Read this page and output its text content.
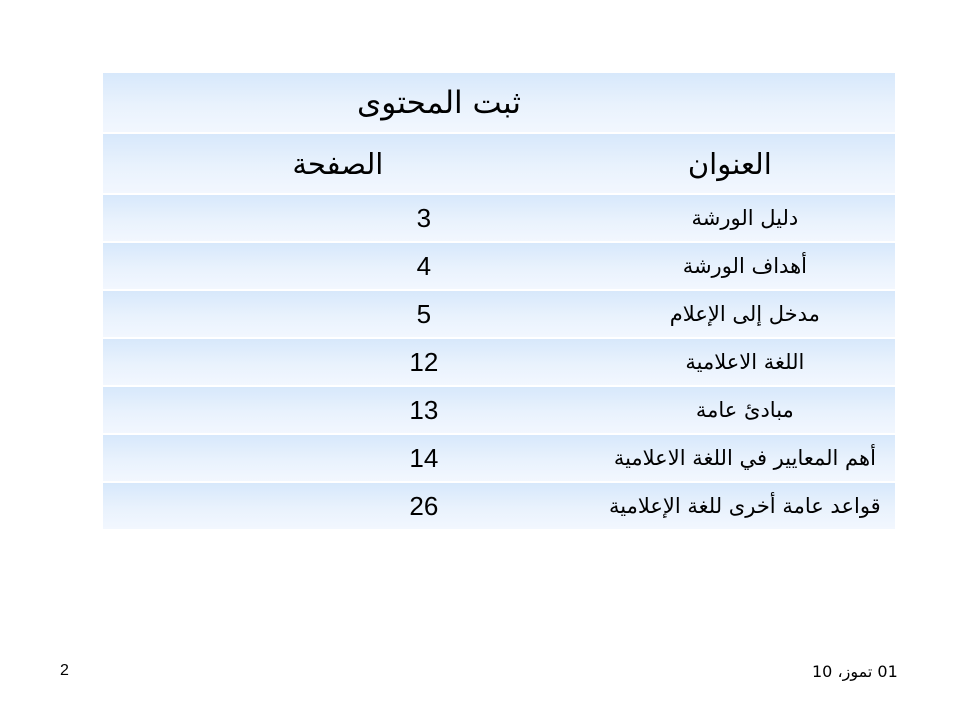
ثبت المحتوى	
العنوان	الصفحة
دليل الورشة	3
أهداف الورشة	4
مدخل إلى الإعلام	5
اللغة الاعلامية	12
مبادئ عامة	13
أهم المعايير في اللغة الاعلامية	14
قواعد عامة أخرى للغة الإعلامية	26
01 تموز، 10
2
